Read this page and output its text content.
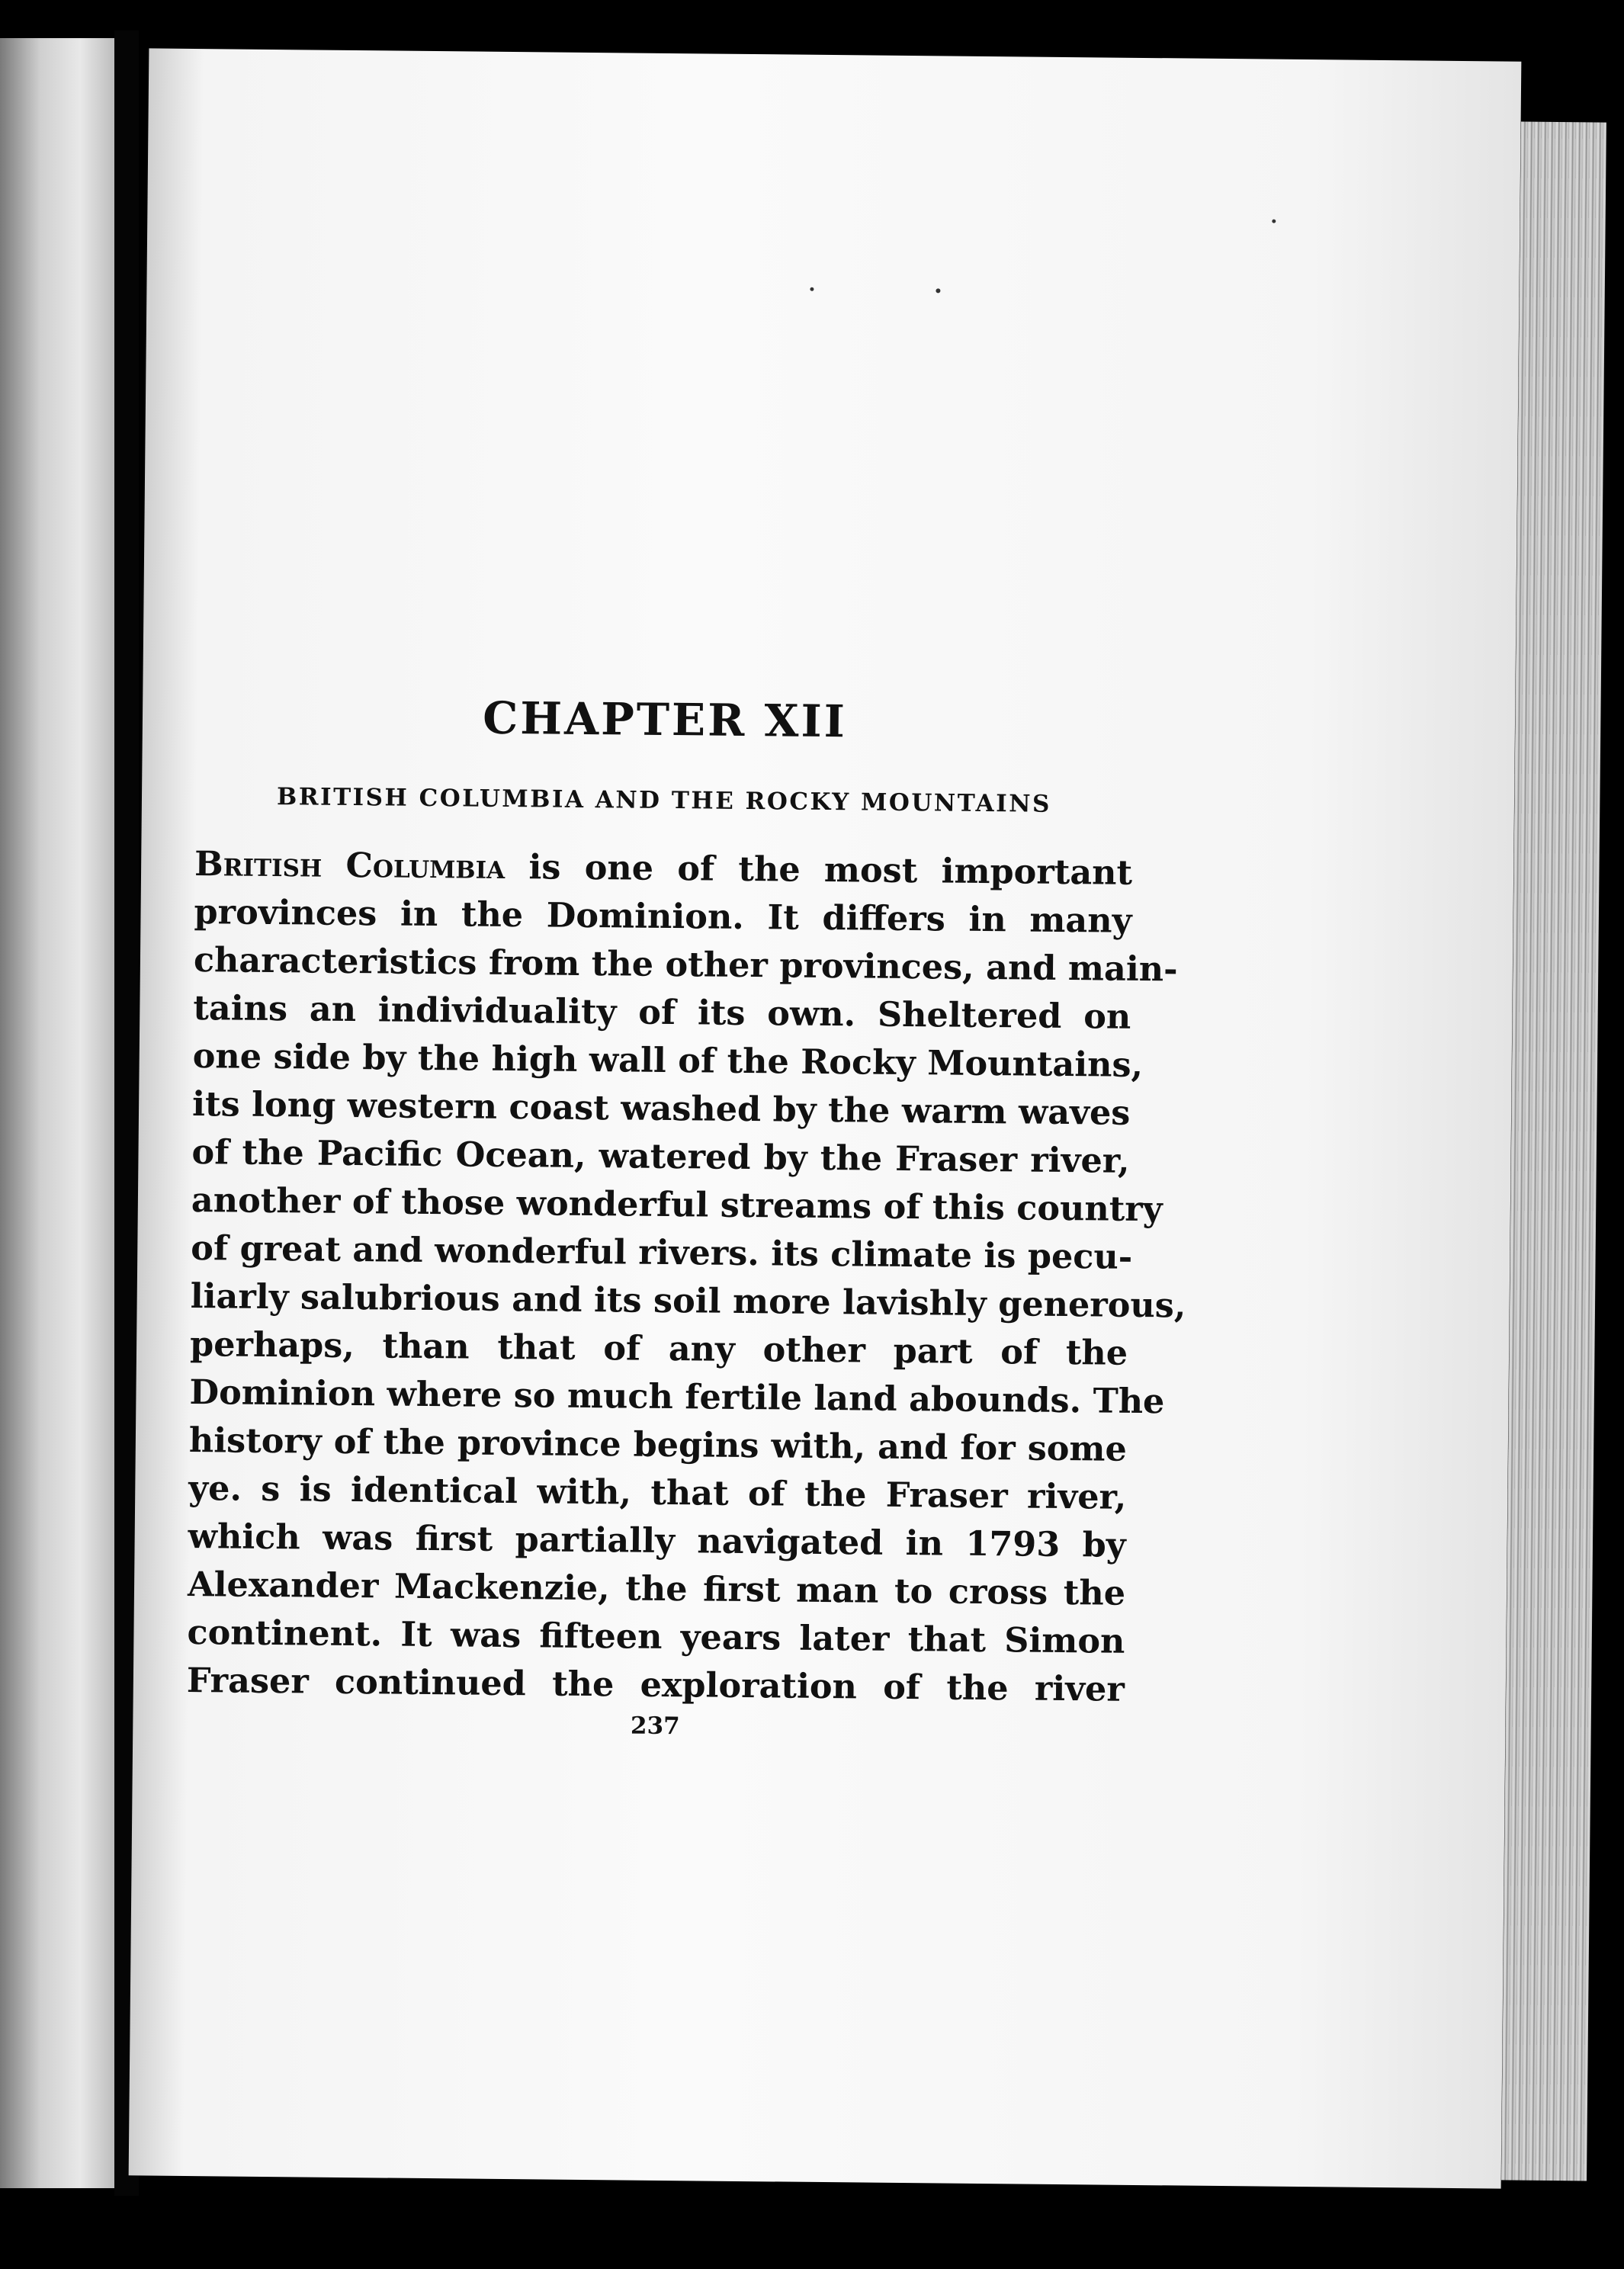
CHAPTER XII
BRITISH COLUMBIA AND THE ROCKY MOUNTAINS
British Columbia is one of the most important
provinces in the Dominion. It differs in many
characteristics from the other provinces, and main-
tains an individuality of its own. Sheltered on
one side by the high wall of the Rocky Mountains,
its long western coast washed by the warm waves
of the Pacific Ocean, watered by the Fraser river,
another of those wonderful streams of this country
of great and wonderful rivers. its climate is pecu-
liarly salubrious and its soil more lavishly generous,
perhaps, than that of any other part of the
Dominion where so much fertile land abounds. The
history of the province begins with, and for some
ye. s is identical with, that of the Fraser river,
which was first partially navigated in 1793 by
Alexander Mackenzie, the first man to cross the
continent. It was fifteen years later that Simon
Fraser continued the exploration of the river
237
